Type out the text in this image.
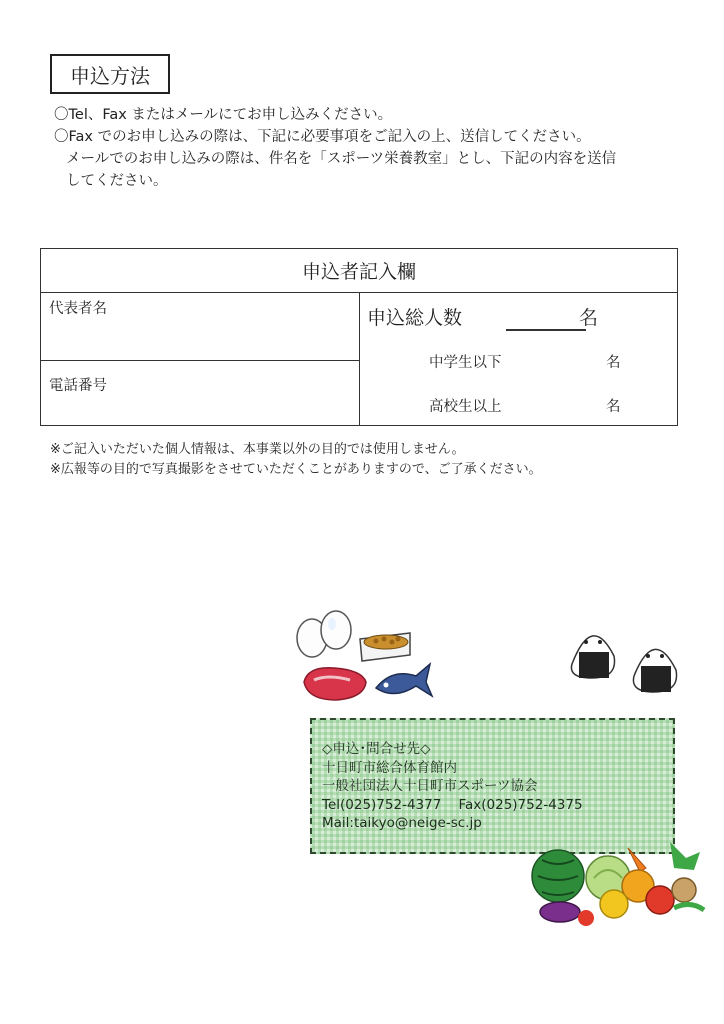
申込方法

〇Tel、Fax またはメールにてお申し込みください。

〇Fax でのお申し込みの際は、下記に必要事項をご記入の上、送信してください。

メールでのお申し込みの際は、件名を「スポーツ栄養教室」とし、下記の内容を送信

してください。

申込者記入欄
代表者名
電話番号
申込総人数	名
中学生以下	名
高校生以上	名

※ご記入いただいた個人情報は、本事業以外の目的では使用しません。

※広報等の目的で写真撮影をさせていただくことがありますので、ご了承ください。

◇申込･問合せ先◇

十日町市総合体育館内

一般社団法人十日町市スポーツ協会

Tel(025)752-4377    Fax(025)752-4375

Mail:taikyo@neige-sc.jp
